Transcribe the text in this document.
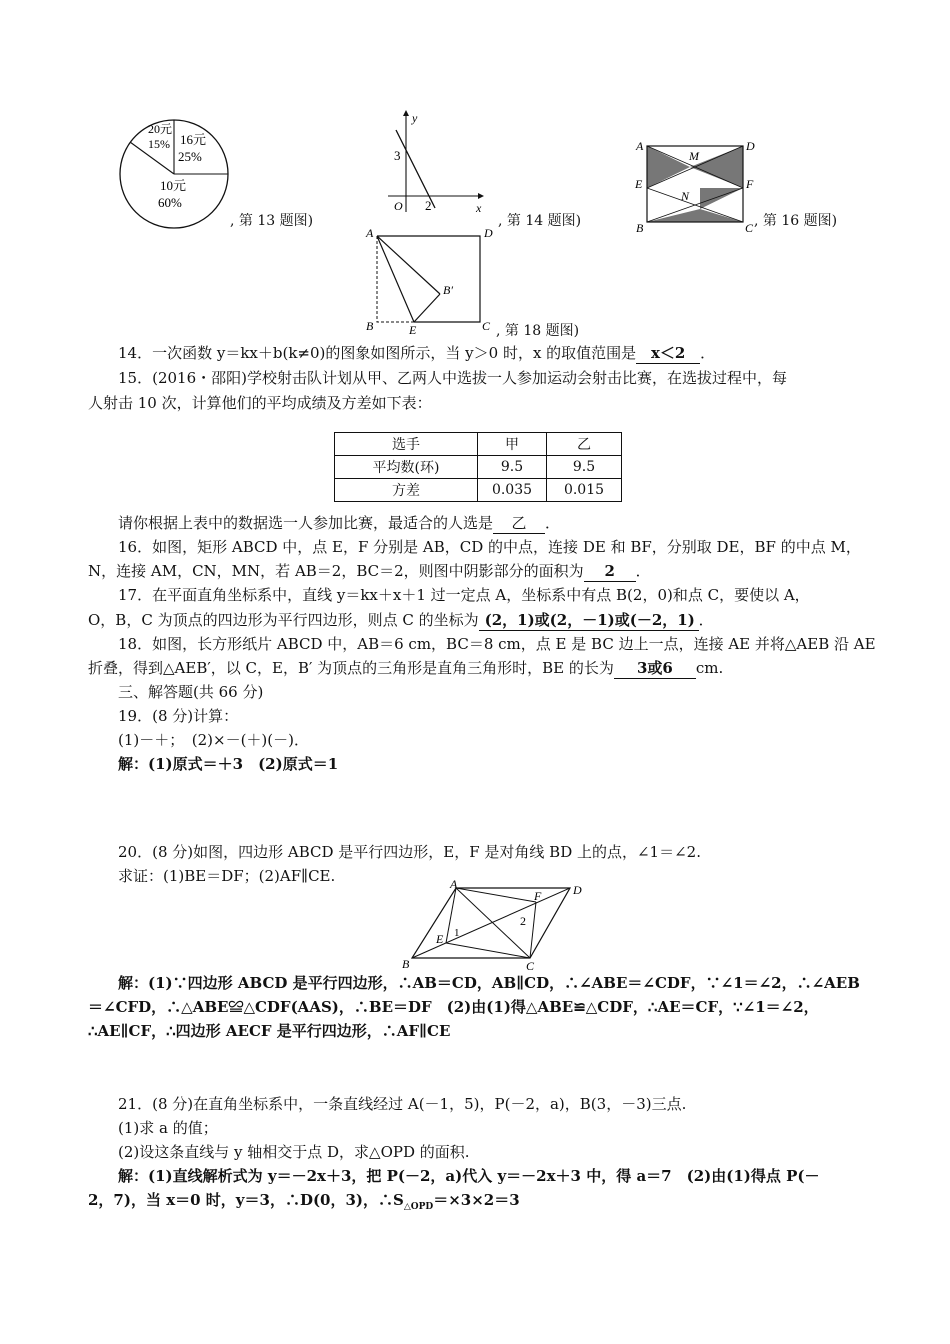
20元
15% 16元
25%
10元
60%
, 第 13 题图)
y
x
O
3
2
, 第 14 题图)
A	D
M
E	F
N
B	C , 第 16 题图)
A	D
B′
B	E	C , 第 18 题图)
14．一次函数 y＝kx＋b(k≠0)的图象如图所示，当 y＞0 时，x 的取值范围是 x＜2 ．
15．(2016・邵阳)学校射击队计划从甲、乙两人中选拔一人参加运动会射击比赛，在选拔过程中，每
人射击 10 次，计算他们的平均成绩及方差如下表：
选手	甲	乙
平均数(环)	9.5	9.5
方差	0.035	0.015
请你根据上表中的数据选一人参加比赛，最适合的人选是 乙 ．
16．如图，矩形 ABCD 中，点 E，F 分别是 AB，CD 的中点，连接 DE 和 BF，分别取 DE，BF 的中点 M，
N，连接 AM，CN，MN，若 AB＝2，BC＝2，则图中阴影部分的面积为 2 ．
17．在平面直角坐标系中，直线 y＝kx＋x＋1 过一定点 A，坐标系中有点 B(2，0)和点 C，要使以 A，
O，B，C 为顶点的四边形为平行四边形，则点 C 的坐标为 (2，1)或(2，－1)或(－2，1) ．
18．如图，长方形纸片 ABCD 中，AB＝6 cm，BC＝8 cm，点 E 是 BC 边上一点，连接 AE 并将△AEB 沿 AE
折叠，得到△AEB′，以 C，E，B′ 为顶点的三角形是直角三角形时，BE 的长为 3或6 cm.
三、解答题(共 66 分)
19．(8 分)计算：
(1)－＋；　(2)×－(＋)(－)．
解：(1)原式＝＋3　(2)原式＝1
20．(8 分)如图，四边形 ABCD 是平行四边形，E，F 是对角线 BD 上的点，∠1＝∠2.
求证：(1)BE＝DF；(2)AF∥CE.	A	D
F
2
E 1
B	C
解：(1)∵四边形 ABCD 是平行四边形，∴AB＝CD，AB∥CD，∴∠ABE＝∠CDF，∵∠1＝∠2，∴∠AEB
＝∠CFD，∴△ABE≌△CDF(AAS)，∴BE＝DF　(2)由(1)得△ABE≌△CDF，∴AE＝CF，∵∠1＝∠2，
∴AE∥CF，∴四边形 AECF 是平行四边形，∴AF∥CE
21．(8 分)在直角坐标系中，一条直线经过 A(－1，5)，P(－2，a)，B(3，－3)三点.
(1)求 a 的值；
(2)设这条直线与 y 轴相交于点 D，求△OPD 的面积.
解：(1)直线解析式为 y＝－2x＋3，把 P(－2，a)代入 y＝－2x＋3 中，得 a＝7　(2)由(1)得点 P(－
2，7)，当 x＝0 时，y＝3，∴D(0，3)，$\therefore S_{\triangle OPD}=\times 3\times 2=3$
